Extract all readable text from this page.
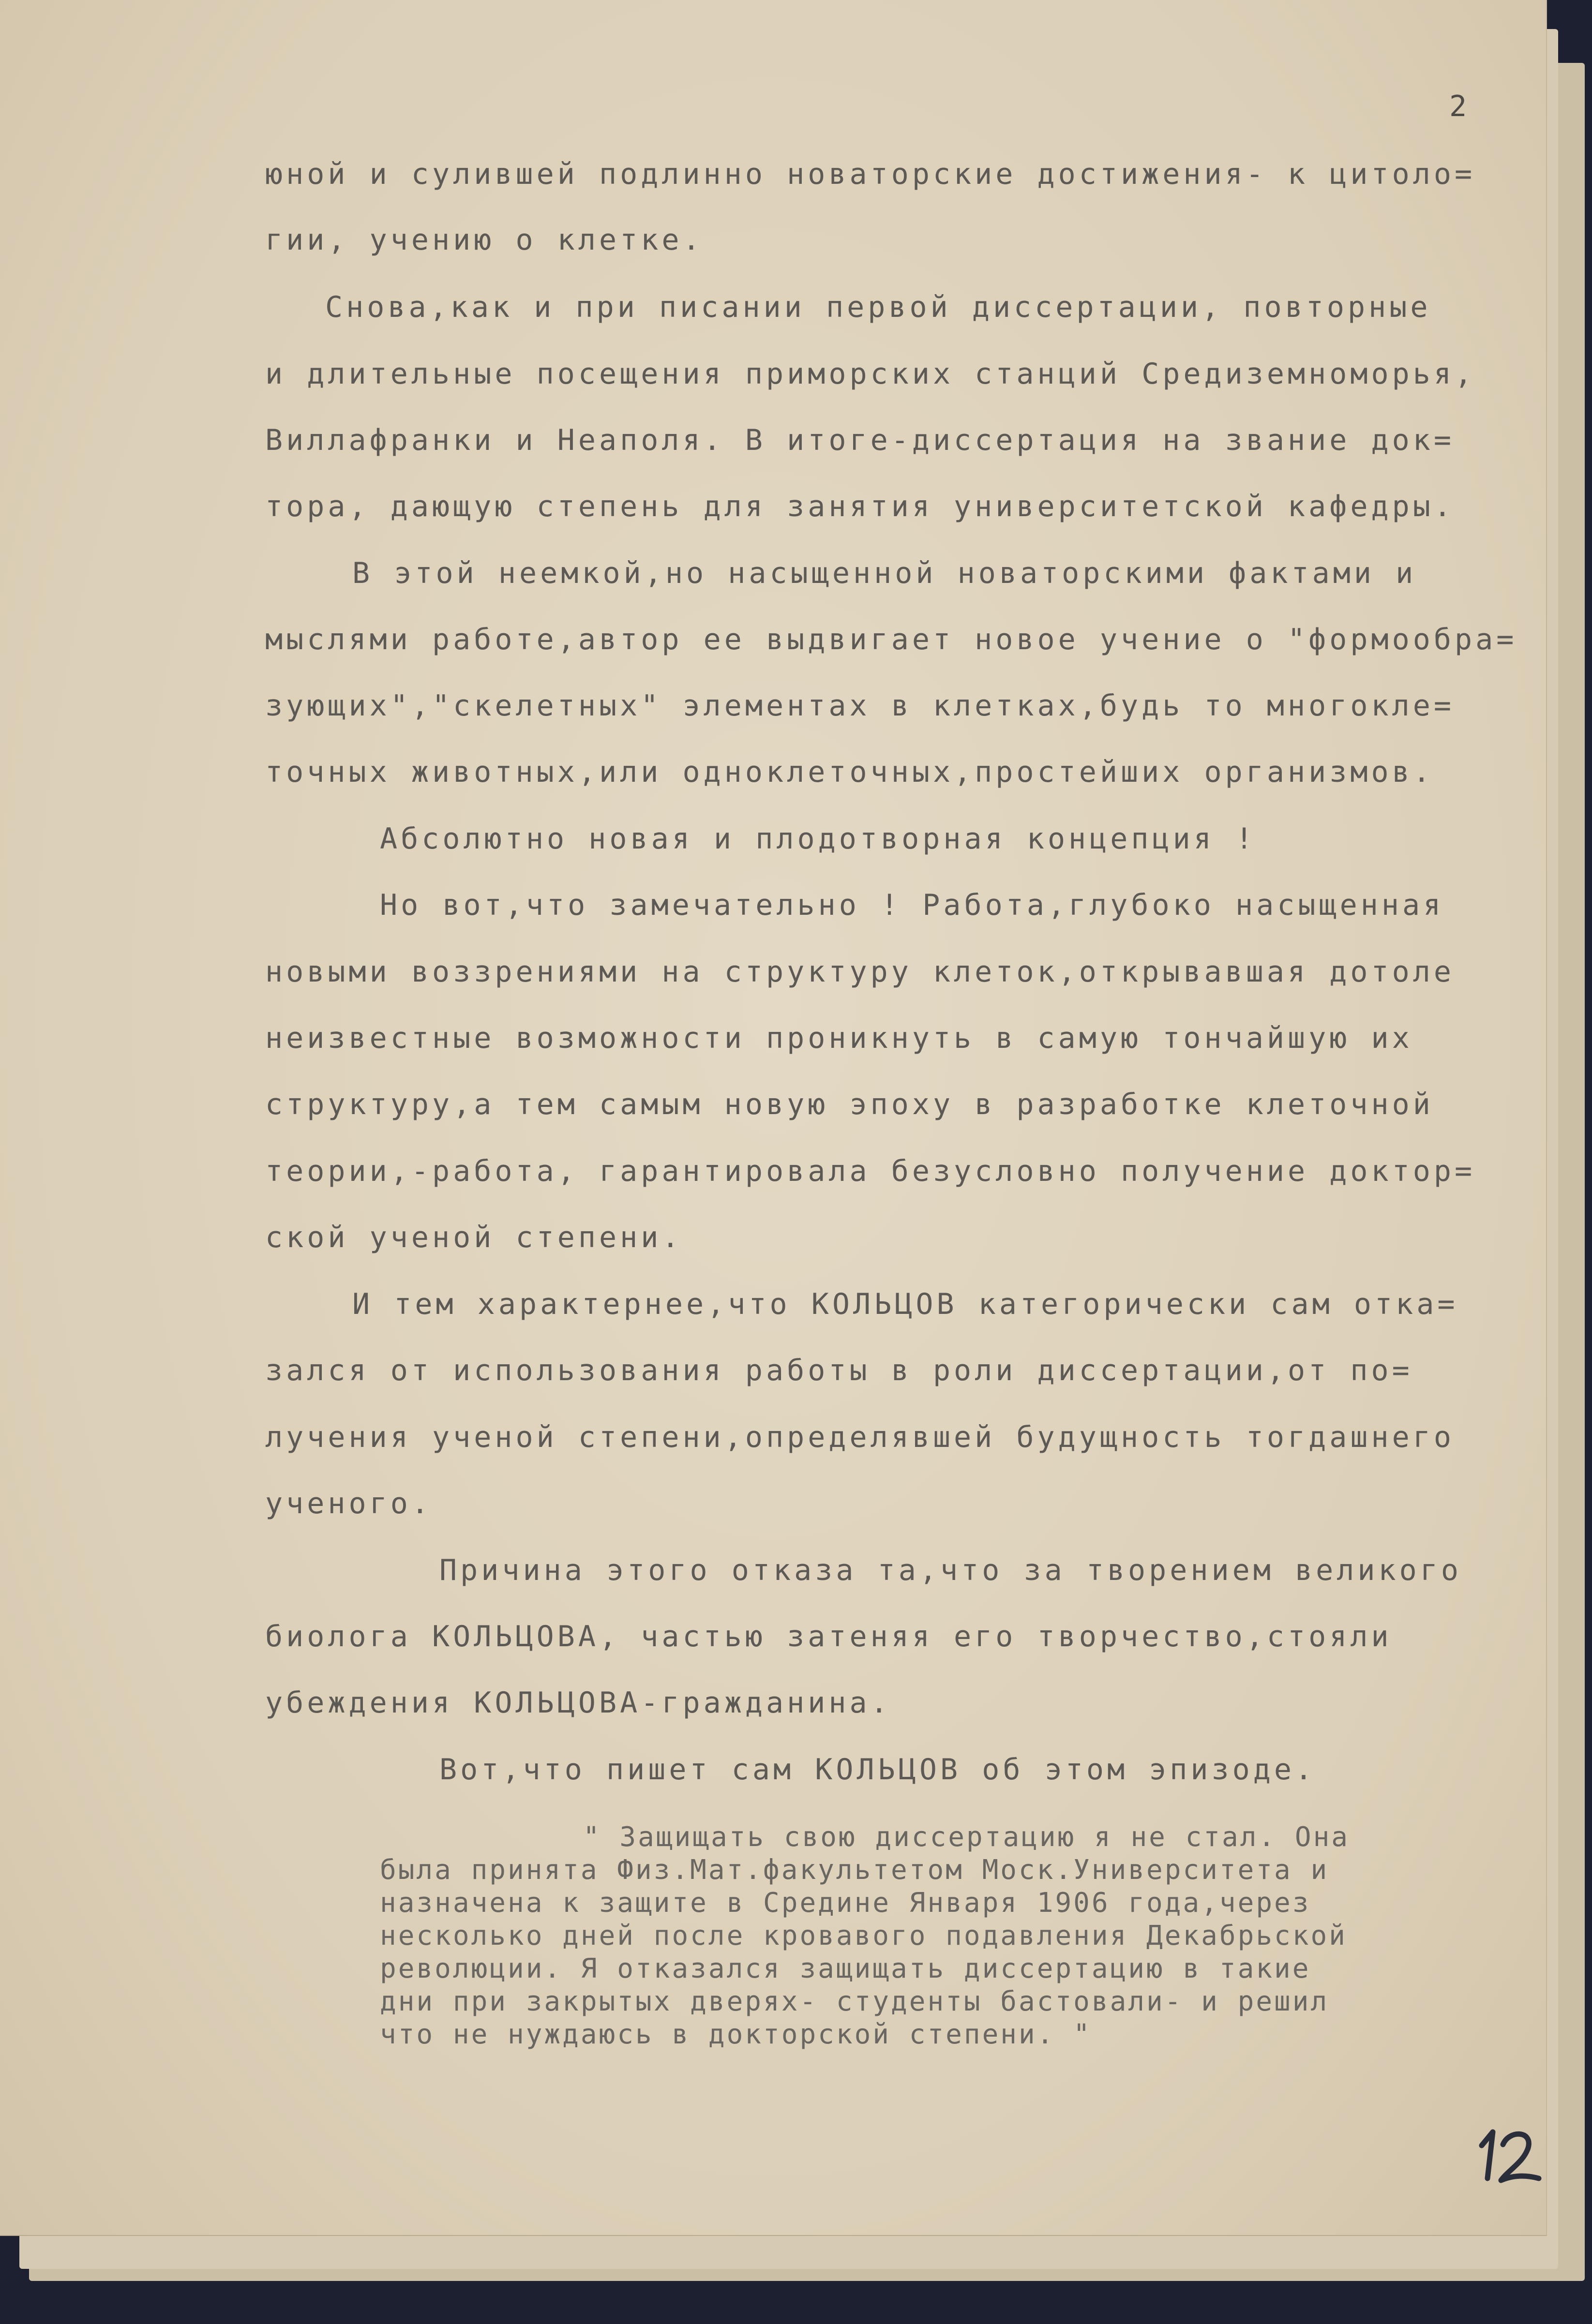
2

юной и сулившей подлинно новаторские достижения- к цитоло=

гии, учению о клетке.

Снова,как и при писании первой диссертации, повторные

и длительные посещения приморских станций Средиземноморья,

Виллафранки и Неаполя. В итоге-диссертация на звание док=

тора, дающую степень для занятия университетской кафедры.

В этой неемкой,но насыщенной новаторскими фактами и

мыслями работе,автор ее выдвигает новое учение о "формообра=

зующих","скелетных" элементах в клетках,будь то многокле=

точных животных,или одноклеточных,простейших организмов.

Абсолютно новая и плодотворная концепция !

Но вот,что замечательно ! Работа,глубоко насыщенная

новыми воззрениями на структуру клеток,открывавшая дотоле

неизвестные возможности проникнуть в самую тончайшую их

структуру,а тем самым новую эпоху в разработке клеточной

теории,-работа, гарантировала безусловно получение доктор=

ской ученой степени.

И тем характернее,что КОЛЬЦОВ категорически сам отка=

зался от использования работы в роли диссертации,от по=

лучения ученой степени,определявшей будущность тогдашнего

ученого.

Причина этого отказа та,что за творением великого

биолога КОЛЬЦОВА, частью затеняя его творчество,стояли

убеждения КОЛЬЦОВА-гражданина.

Вот,что пишет сам КОЛЬЦОВ об этом эпизоде.

" Защищать свою диссертацию я не стал. Она

была принята Физ.Мат.факультетом Моск.Университета и

назначена к защите в Средине Января 1906 года,через

несколько дней после кровавого подавления Декабрьской

революции. Я отказался защищать диссертацию в такие

дни при закрытых дверях- студенты бастовали- и решил

что не нуждаюсь в докторской степени. "
